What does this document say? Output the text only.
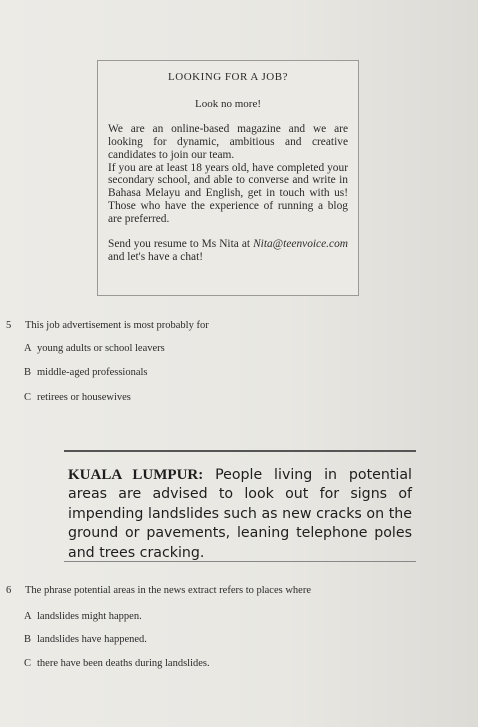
LOOKING FOR A JOB?
Look no more!
We are an online-based magazine and we are looking for dynamic, ambitious and creative candidates to join our team.
If you are at least 18 years old, have completed your secondary school, and able to converse and write in Bahasa Melayu and English, get in touch with us! Those who have the experience of running a blog are preferred.
Send you resume to Ms Nita at Nita@teenvoice.com and let's have a chat!
5 This job advertisement is most probably for
A young adults or school leavers
B middle-aged professionals
C retirees or housewives
KUALA LUMPUR: People living in potential areas are advised to look out for signs of impending landslides such as new cracks on the ground or pavements, leaning telephone poles and trees cracking.
6 The phrase potential areas in the news extract refers to places where
A landslides might happen.
B landslides have happened.
C there have been deaths during landslides.
